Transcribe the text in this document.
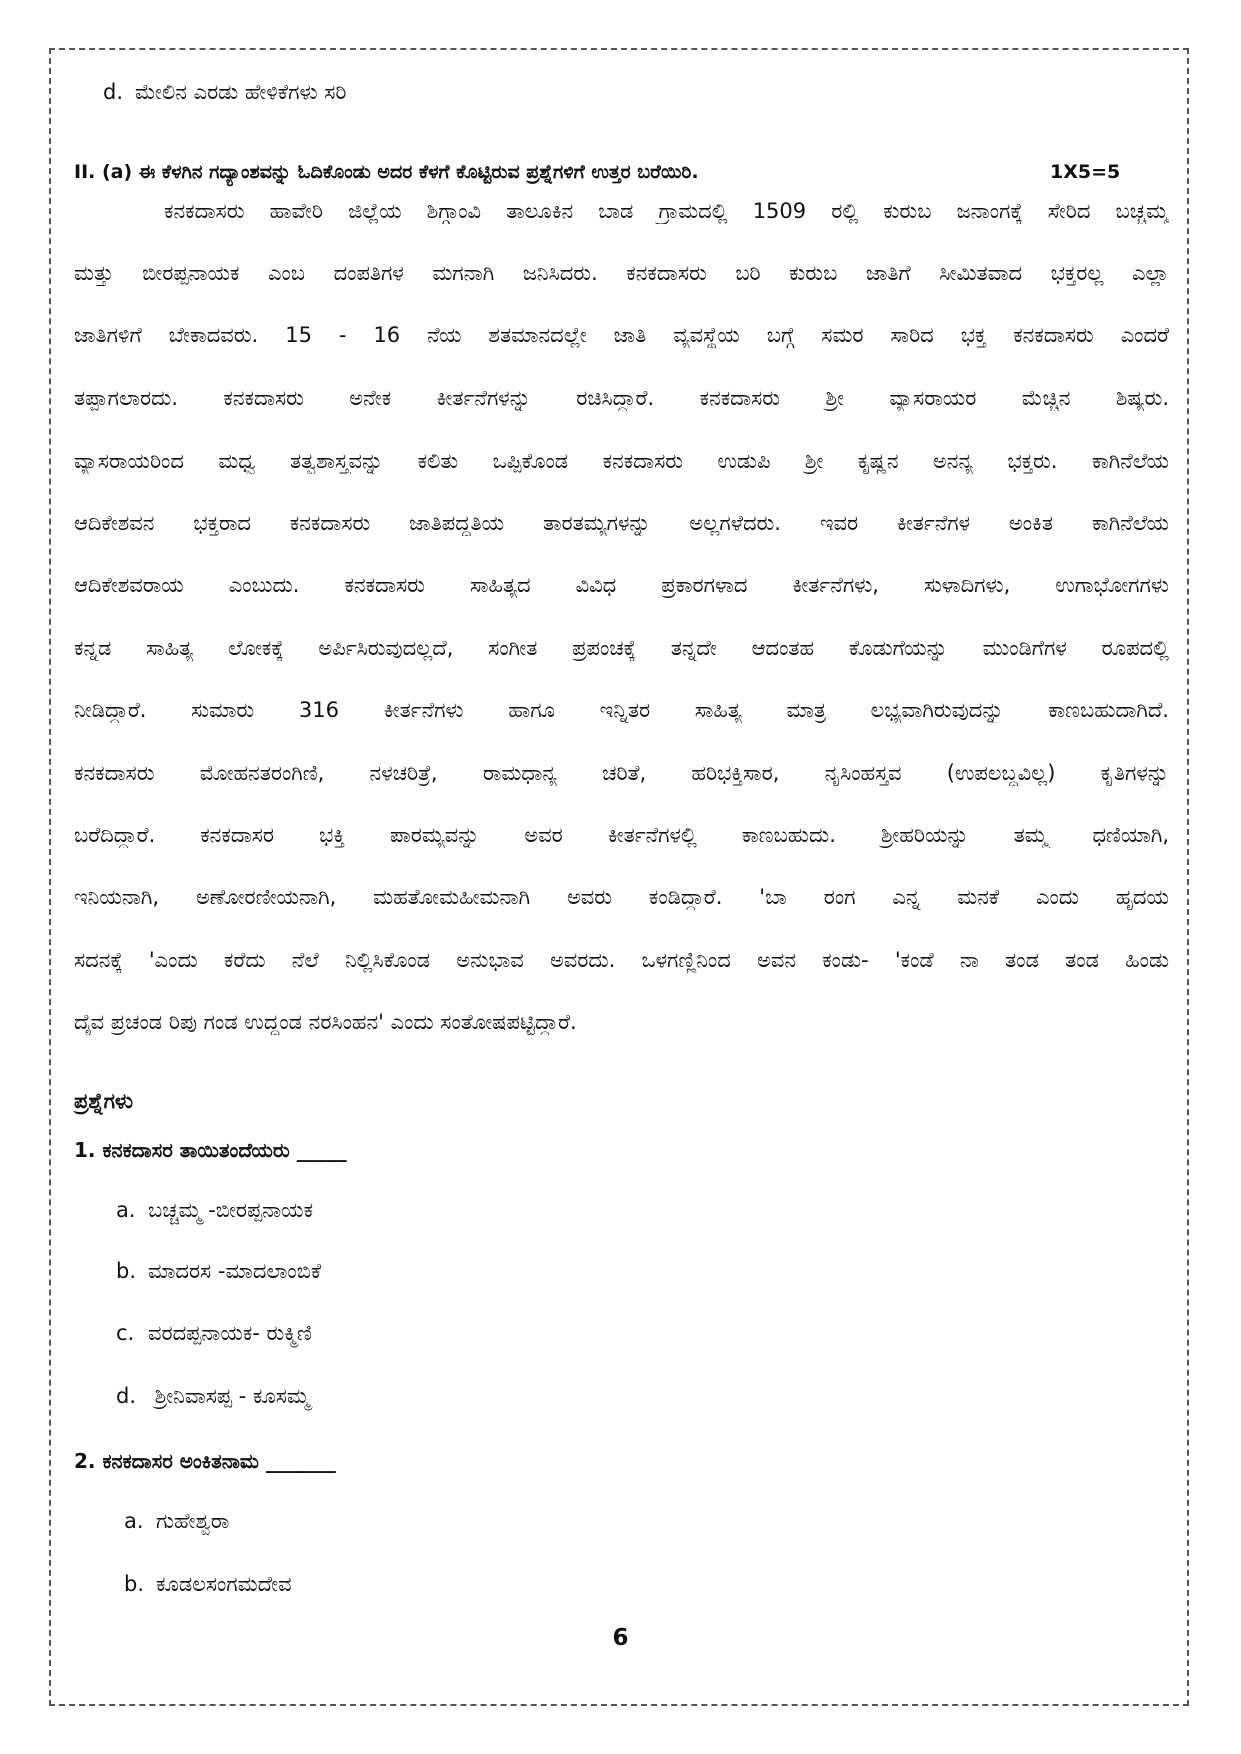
d. ಮೇಲಿನ ಎರಡು ಹೇಳಿಕೆಗಳು ಸರಿ
II. (a) ಈ ಕೆಳಗಿನ ಗದ್ಯಾಂಶವನ್ನು ಓದಿಕೊಂಡು ಅದರ ಕೆಳಗೆ ಕೊಟ್ಟಿರುವ ಪ್ರಶ್ನೆಗಳಿಗೆ ಉತ್ತರ ಬರೆಯಿರಿ.	1X5=5
ಕನಕದಾಸರು ಹಾವೇರಿ ಜಿಲ್ಲೆಯ ಶಿಗ್ಗಾಂವಿ ತಾಲೂಕಿನ ಬಾಡ ಗ್ರಾಮದಲ್ಲಿ 1509 ರಲ್ಲಿ ಕುರುಬ ಜನಾಂಗಕ್ಕೆ ಸೇರಿದ ಬಚ್ಚಮ್ಮ
ಮತ್ತು ಬೀರಪ್ಪನಾಯಕ ಎಂಬ ದಂಪತಿಗಳ ಮಗನಾಗಿ ಜನಿಸಿದರು. ಕನಕದಾಸರು ಬರಿ ಕುರುಬ ಜಾತಿಗೆ ಸೀಮಿತವಾದ ಭಕ್ತರಲ್ಲ ಎಲ್ಲಾ
ಜಾತಿಗಳಿಗೆ ಬೇಕಾದವರು. 15 - 16 ನೆಯ ಶತಮಾನದಲ್ಲೇ ಜಾತಿ ವ್ಯವಸ್ಥೆಯ ಬಗ್ಗೆ ಸಮರ ಸಾರಿದ ಭಕ್ತ ಕನಕದಾಸರು ಎಂದರೆ
ತಪ್ಪಾಗಲಾರದು. ಕನಕದಾಸರು ಅನೇಕ ಕೀರ್ತನೆಗಳನ್ನು ರಚಿಸಿದ್ದಾರೆ. ಕನಕದಾಸರು ಶ್ರೀ ವ್ಯಾಸರಾಯರ ಮೆಚ್ಚಿನ ಶಿಷ್ಯರು.
ವ್ಯಾಸರಾಯರಿಂದ ಮಧ್ವ ತತ್ವಶಾಸ್ತ್ರವನ್ನು ಕಲಿತು ಒಪ್ಪಿಕೊಂಡ ಕನಕದಾಸರು ಉಡುಪಿ ಶ್ರೀ ಕೃಷ್ಣನ ಅನನ್ಯ ಭಕ್ತರು. ಕಾಗಿನೆಲೆಯ
ಆದಿಕೇಶವನ ಭಕ್ತರಾದ ಕನಕದಾಸರು ಜಾತಿಪದ್ಧತಿಯ ತಾರತಮ್ಯಗಳನ್ನು ಅಲ್ಲಗಳೆದರು. ಇವರ ಕೀರ್ತನೆಗಳ ಅಂಕಿತ ಕಾಗಿನೆಲೆಯ
ಆದಿಕೇಶವರಾಯ ಎಂಬುದು. ಕನಕದಾಸರು ಸಾಹಿತ್ಯದ ವಿವಿಧ ಪ್ರಕಾರಗಳಾದ ಕೀರ್ತನೆಗಳು, ಸುಳಾದಿಗಳು, ಉಗಾಭೋಗಗಳು
ಕನ್ನಡ ಸಾಹಿತ್ಯ ಲೋಕಕ್ಕೆ ಅರ್ಪಿಸಿರುವುದಲ್ಲದೆ, ಸಂಗೀತ ಪ್ರಪಂಚಕ್ಕೆ ತನ್ನದೇ ಆದಂತಹ ಕೊಡುಗೆಯನ್ನು ಮುಂಡಿಗೆಗಳ ರೂಪದಲ್ಲಿ
ನೀಡಿದ್ದಾರೆ. ಸುಮಾರು 316 ಕೀರ್ತನೆಗಳು ಹಾಗೂ ಇನ್ನಿತರ ಸಾಹಿತ್ಯ ಮಾತ್ರ ಲಭ್ಯವಾಗಿರುವುದನ್ನು ಕಾಣಬಹುದಾಗಿದೆ.
ಕನಕದಾಸರು ಮೋಹನತರಂಗಿಣಿ, ನಳಚರಿತ್ರೆ, ರಾಮಧಾನ್ಯ ಚರಿತೆ, ಹರಿಭಕ್ತಿಸಾರ, ನೃಸಿಂಹಸ್ತವ (ಉಪಲಬ್ದವಿಲ್ಲ) ಕೃತಿಗಳನ್ನು
ಬರೆದಿದ್ದಾರೆ. ಕನಕದಾಸರ ಭಕ್ತಿ ಪಾರಮ್ಯವನ್ನು ಅವರ ಕೀರ್ತನೆಗಳಲ್ಲಿ ಕಾಣಬಹುದು. ಶ್ರೀಹರಿಯನ್ನು ತಮ್ಮ ಧಣಿಯಾಗಿ,
ಇನಿಯನಾಗಿ, ಅಣೋರಣೀಯನಾಗಿ, ಮಹತೋಮಹೀಮನಾಗಿ ಅವರು ಕಂಡಿದ್ದಾರೆ. 'ಬಾ ರಂಗ ಎನ್ನ ಮನಕೆ ಎಂದು ಹೃದಯ
ಸದನಕ್ಕೆ 'ಎಂದು ಕರೆದು ನೆಲೆ ನಿಲ್ಲಿಸಿಕೊಂಡ ಅನುಭಾವ ಅವರದು. ಒಳಗಣ್ಣಿನಿಂದ ಅವನ ಕಂಡು- 'ಕಂಡೆ ನಾ ತಂಡ ತಂಡ ಹಿಂಡು
ದೈವ ಪ್ರಚಂಡ ರಿಪು ಗಂಡ ಉದ್ದಂಡ ನರಸಿಂಹನ' ಎಂದು ಸಂತೋಷಪಟ್ಟಿದ್ದಾರೆ.
ಪ್ರಶ್ನೆಗಳು
1. ಕನಕದಾಸರ ತಾಯಿತಂದೆಯರು _____
a. ಬಚ್ಚಮ್ಮ -ಬೀರಪ್ಪನಾಯಕ
b. ಮಾದರಸ -ಮಾದಲಾಂಬಿಕೆ
c. ವರದಪ್ಪನಾಯಕ- ರುಕ್ಮಿಣಿ
d. ಶ್ರೀನಿವಾಸಪ್ಪ - ಕೂಸಮ್ಮ
2. ಕನಕದಾಸರ ಅಂಕಿತನಾಮ _______
a. ಗುಹೇಶ್ವರಾ
b. ಕೂಡಲಸಂಗಮದೇವ
6
